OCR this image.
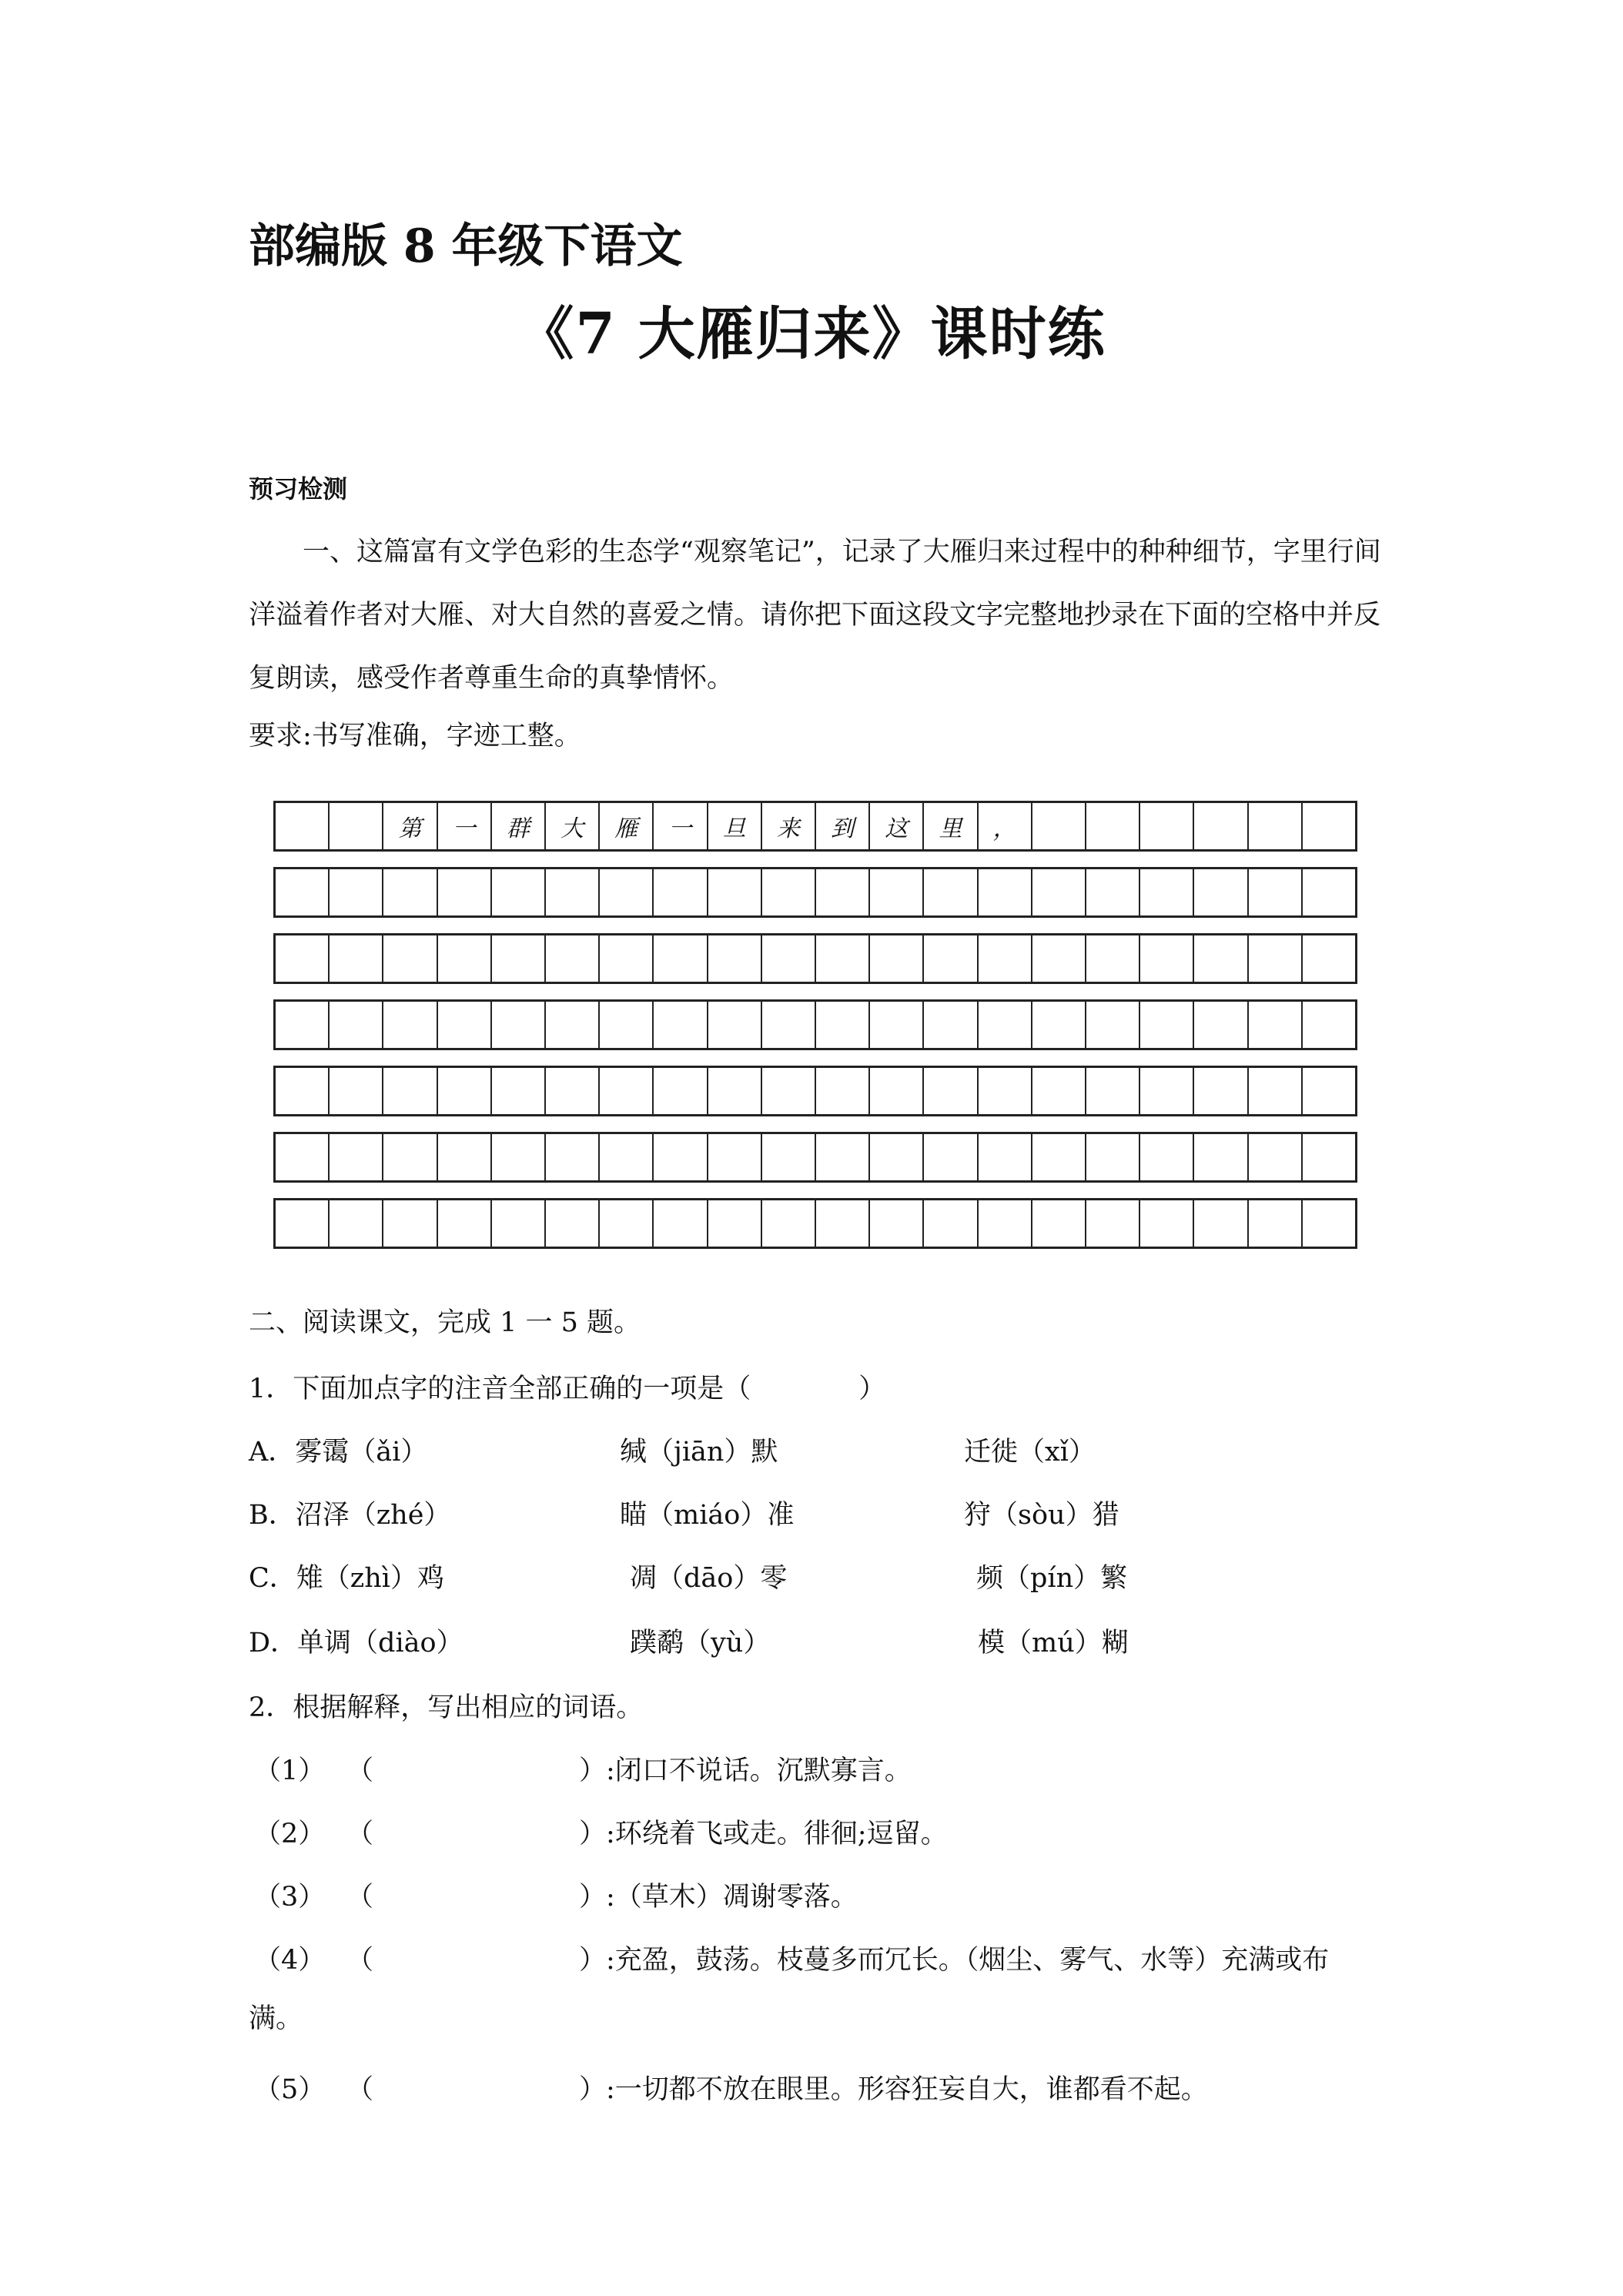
部编版 8 年级下语文
《7 大雁归来》课时练
预习检测
一、这篇富有文学色彩的生态学“观察笔记”，记录了大雁归来过程中的种种细节，字里行间洋溢着作者对大雁、对大自然的喜爱之情。请你把下面这段文字完整地抄录在下面的空格中并反复朗读，感受作者尊重生命的真挚情怀。
要求:书写准确，字迹工整。
第	一	群	大	雁	一	旦	来	到	这	里	，
二、阅读课文，完成 1 一 5 题。
1．下面加点字的注音全部正确的一项是（　　　　）
A．雾霭（ǎi）	缄（jiān）默	迁徙（xǐ）
B．沼泽（zhé）	瞄（miáo）准	狩（sòu）猎
C．雉（zhì）鸡	凋（dāo）零	频（pín）繁
D．单调（diào）	蹼鹬（yù）	模（mú）糊
2．根据解释，写出相应的词语。
（1） （	）:闭口不说话。沉默寡言。
（2） （	）:环绕着飞或走。徘徊;逗留。
（3） （	）:（草木）凋谢零落。
（4） （	）:充盈，鼓荡。枝蔓多而冗长。（烟尘、雾气、水等）充满或布
满。
（5） （	）:一切都不放在眼里。形容狂妄自大，谁都看不起。
